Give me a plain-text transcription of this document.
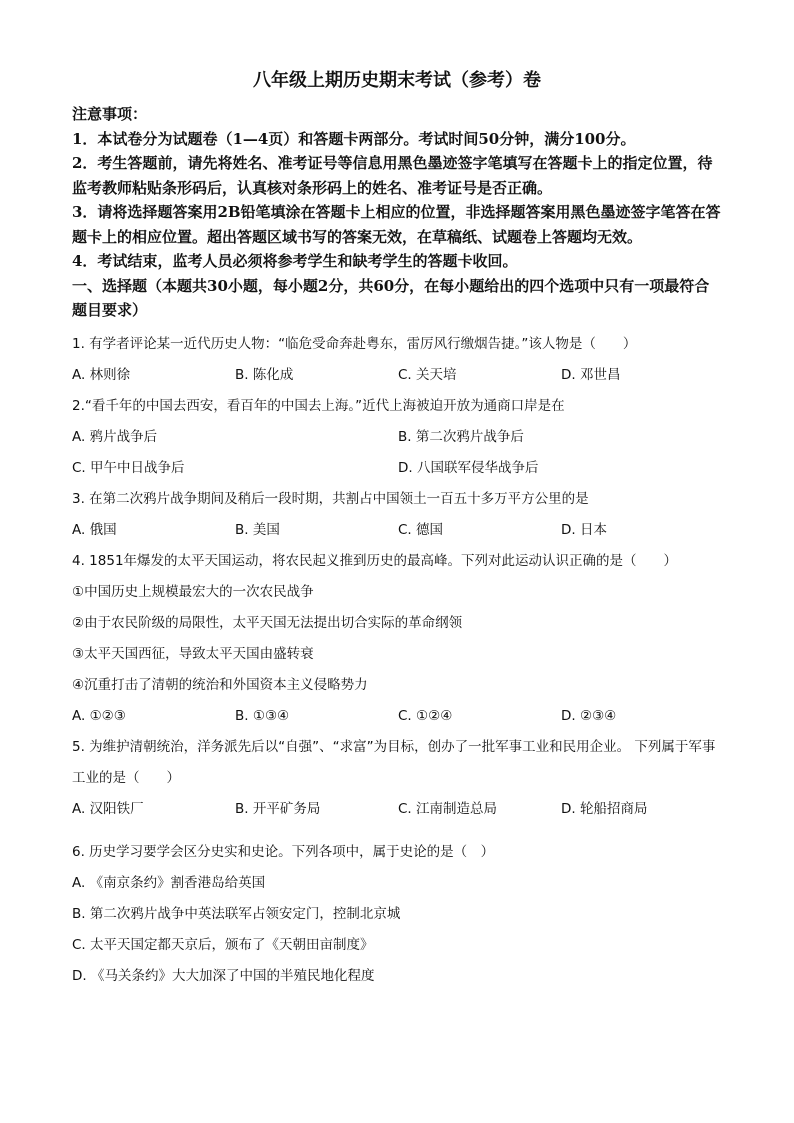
八年级上期历史期末考试（参考）卷

注意事项：

1．本试卷分为试题卷（1—4页）和答题卡两部分。考试时间50分钟，满分100分。

2．考生答题前，请先将姓名、准考证号等信息用黑色墨迹签字笔填写在答题卡上的指定位置，待监考教师粘贴条形码后，认真核对条形码上的姓名、准考证号是否正确。

3．请将选择题答案用2B铅笔填涂在答题卡上相应的位置，非选择题答案用黑色墨迹签字笔答在答题卡上的相应位置。超出答题区域书写的答案无效，在草稿纸、试题卷上答题均无效。

4．考试结束，监考人员必须将参考学生和缺考学生的答题卡收回。

一、选择题（本题共30小题，每小题2分，共60分，在每小题给出的四个选项中只有一项最符合题目要求）

1. 有学者评论某一近代历史人物：“临危受命奔赴粤东，雷厉风行缴烟告捷。”该人物是（　　）

A. 林则徐	B. 陈化成	C. 关天培	D. 邓世昌

2.“看千年的中国去西安，看百年的中国去上海。”近代上海被迫开放为通商口岸是在

A. 鸦片战争后	B. 第二次鸦片战争后
C. 甲午中日战争后	D. 八国联军侵华战争后

3. 在第二次鸦片战争期间及稍后一段时期，共割占中国领土一百五十多万平方公里的是

A. 俄国	B. 美国	C. 德国	D. 日本

4. 1851年爆发的太平天国运动，将农民起义推到历史的最高峰。下列对此运动认识正确的是（　　）

①中国历史上规模最宏大的一次农民战争

②由于农民阶级的局限性，太平天国无法提出切合实际的革命纲领

③太平天国西征，导致太平天国由盛转衰

④沉重打击了清朝的统治和外国资本主义侵略势力

A. ①②③	B. ①③④	C. ①②④	D. ②③④

5. 为维护清朝统治，洋务派先后以“自强”、“求富”为目标，创办了一批军事工业和民用企业。 下列属于军事工业的是（　　）

A. 汉阳铁厂	B. 开平矿务局	C. 江南制造总局	D. 轮船招商局

6. 历史学习要学会区分史实和史论。下列各项中，属于史论的是（　）

A. 《南京条约》割香港岛给英国

B. 第二次鸦片战争中英法联军占领安定门，控制北京城

C. 太平天国定都天京后，颁布了《天朝田亩制度》

D. 《马关条约》大大加深了中国的半殖民地化程度
